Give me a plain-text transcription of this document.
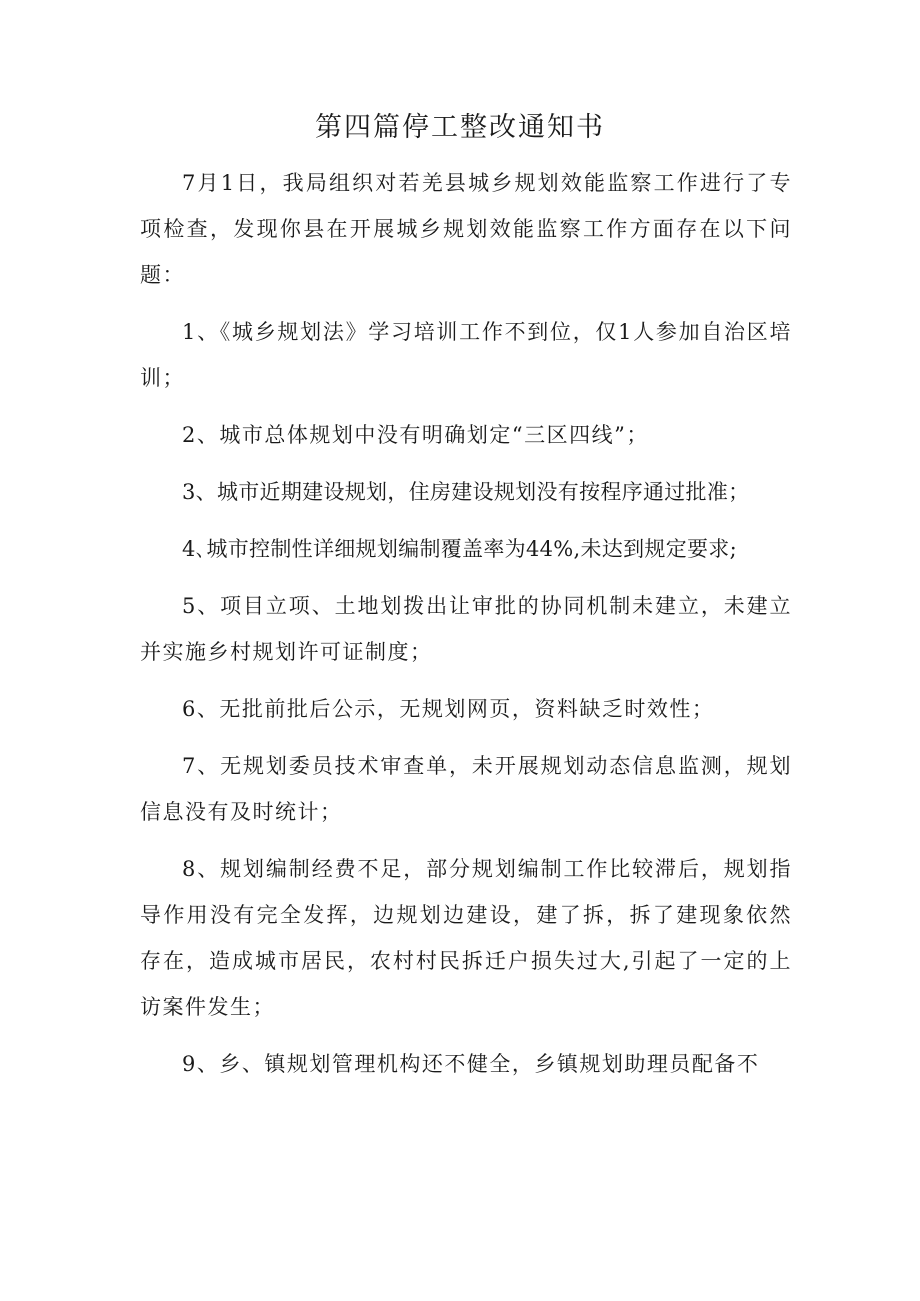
第四篇停工整改通知书

7月1日，我局组织对若羌县城乡规划效能监察工作进行了专项检查，发现你县在开展城乡规划效能监察工作方面存在以下问题：

1、《城乡规划法》学习培训工作不到位，仅1人参加自治区培训；

2、城市总体规划中没有明确划定“三区四线”；

3、城市近期建设规划，住房建设规划没有按程序通过批准；

4､城市控制性详细规划编制覆盖率为44%,未达到规定要求;

5、项目立项、土地划拨出让审批的协同机制未建立，未建立并实施乡村规划许可证制度；

6、无批前批后公示，无规划网页，资料缺乏时效性；

7、无规划委员技术审查单，未开展规划动态信息监测，规划信息没有及时统计；

8、规划编制经费不足，部分规划编制工作比较滞后，规划指导作用没有完全发挥，边规划边建设，建了拆，拆了建现象依然存在，造成城市居民，农村村民拆迁户损失过大,引起了一定的上访案件发生；

9、乡、镇规划管理机构还不健全，乡镇规划助理员配备不
